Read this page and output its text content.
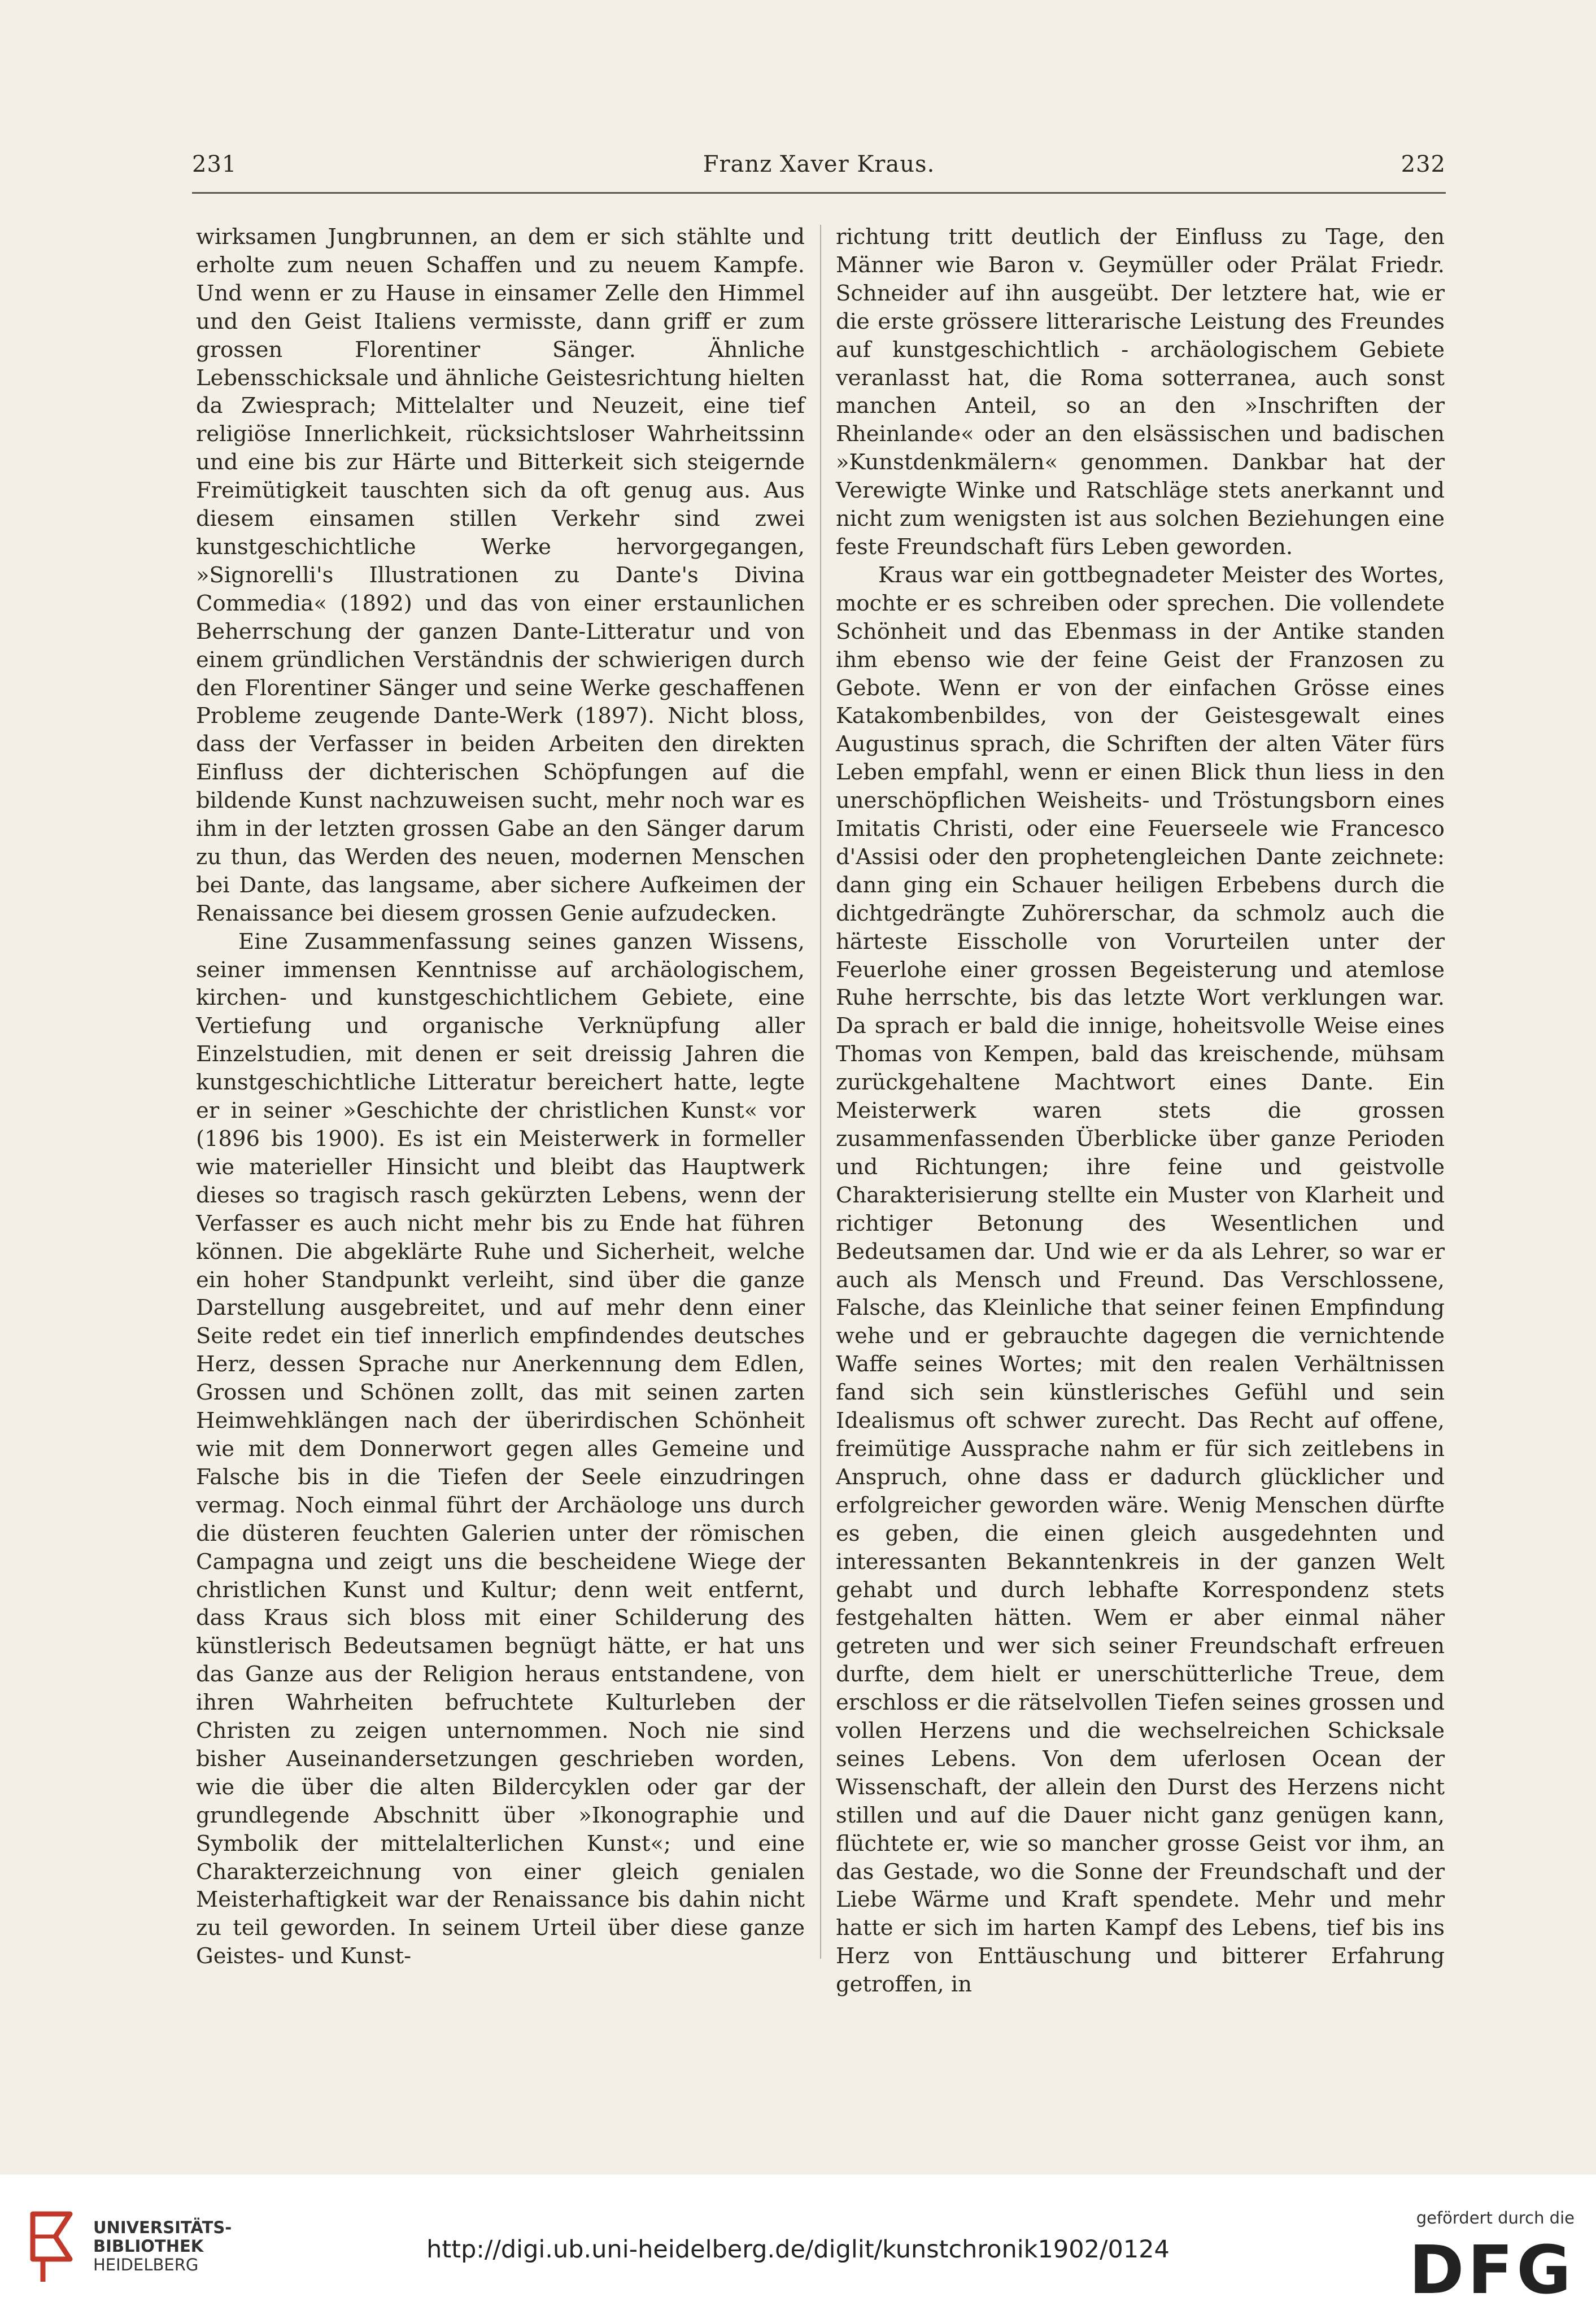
231	Franz Xaver Kraus.	232

wirksamen Jungbrunnen, an dem er sich stählte und erholte zum neuen Schaffen und zu neuem Kampfe. Und wenn er zu Hause in einsamer Zelle den Himmel und den Geist Italiens vermisste, dann griff er zum grossen Florentiner Sänger. Ähnliche Lebensschicksale und ähnliche Geistesrichtung hielten da Zwiesprach; Mittelalter und Neuzeit, eine tief religiöse Innerlichkeit, rücksichtsloser Wahrheitssinn und eine bis zur Härte und Bitterkeit sich steigernde Freimütigkeit tauschten sich da oft genug aus. Aus diesem einsamen stillen Verkehr sind zwei kunstgeschichtliche Werke hervorgegangen, »Signorelli's Illustrationen zu Dante's Divina Commedia« (1892) und das von einer erstaunlichen Beherrschung der ganzen Dante-Litteratur und von einem gründlichen Verständnis der schwierigen durch den Florentiner Sänger und seine Werke geschaffenen Probleme zeugende Dante-Werk (1897). Nicht bloss, dass der Verfasser in beiden Arbeiten den direkten Einfluss der dichterischen Schöpfungen auf die bildende Kunst nachzuweisen sucht, mehr noch war es ihm in der letzten grossen Gabe an den Sänger darum zu thun, das Werden des neuen, modernen Menschen bei Dante, das langsame, aber sichere Aufkeimen der Renaissance bei diesem grossen Genie aufzudecken.

Eine Zusammenfassung seines ganzen Wissens, seiner immensen Kenntnisse auf archäologischem, kirchen- und kunstgeschichtlichem Gebiete, eine Vertiefung und organische Verknüpfung aller Einzelstudien, mit denen er seit dreissig Jahren die kunstgeschichtliche Litteratur bereichert hatte, legte er in seiner »Geschichte der christlichen Kunst« vor (1896 bis 1900). Es ist ein Meisterwerk in formeller wie materieller Hinsicht und bleibt das Hauptwerk dieses so tragisch rasch gekürzten Lebens, wenn der Verfasser es auch nicht mehr bis zu Ende hat führen können. Die abgeklärte Ruhe und Sicherheit, welche ein hoher Standpunkt verleiht, sind über die ganze Darstellung ausgebreitet, und auf mehr denn einer Seite redet ein tief innerlich empfindendes deutsches Herz, dessen Sprache nur Anerkennung dem Edlen, Grossen und Schönen zollt, das mit seinen zarten Heimwehklängen nach der überirdischen Schönheit wie mit dem Donnerwort gegen alles Gemeine und Falsche bis in die Tiefen der Seele einzudringen vermag. Noch einmal führt der Archäologe uns durch die düsteren feuchten Galerien unter der römischen Campagna und zeigt uns die bescheidene Wiege der christlichen Kunst und Kultur; denn weit entfernt, dass Kraus sich bloss mit einer Schilderung des künstlerisch Bedeutsamen begnügt hätte, er hat uns das Ganze aus der Religion heraus entstandene, von ihren Wahrheiten befruchtete Kulturleben der Christen zu zeigen unternommen. Noch nie sind bisher Auseinandersetzungen geschrieben worden, wie die über die alten Bildercyklen oder gar der grundlegende Abschnitt über »Ikonographie und Symbolik der mittelalterlichen Kunst«; und eine Charakterzeichnung von einer gleich genialen Meisterhaftigkeit war der Renaissance bis dahin nicht zu teil geworden. In seinem Urteil über diese ganze Geistes- und Kunst-

richtung tritt deutlich der Einfluss zu Tage, den Männer wie Baron v. Geymüller oder Prälat Friedr. Schneider auf ihn ausgeübt. Der letztere hat, wie er die erste grössere litterarische Leistung des Freundes auf kunstgeschichtlich - archäologischem Gebiete veranlasst hat, die Roma sotterranea, auch sonst manchen Anteil, so an den »Inschriften der Rheinlande« oder an den elsässischen und badischen »Kunstdenkmälern« genommen. Dankbar hat der Verewigte Winke und Ratschläge stets anerkannt und nicht zum wenigsten ist aus solchen Beziehungen eine feste Freundschaft fürs Leben geworden.

Kraus war ein gottbegnadeter Meister des Wortes, mochte er es schreiben oder sprechen. Die vollendete Schönheit und das Ebenmass in der Antike standen ihm ebenso wie der feine Geist der Franzosen zu Gebote. Wenn er von der einfachen Grösse eines Katakombenbildes, von der Geistesgewalt eines Augustinus sprach, die Schriften der alten Väter fürs Leben empfahl, wenn er einen Blick thun liess in den unerschöpflichen Weisheits- und Tröstungsborn eines Imitatis Christi, oder eine Feuerseele wie Francesco d'Assisi oder den prophetengleichen Dante zeichnete: dann ging ein Schauer heiligen Erbebens durch die dichtgedrängte Zuhörerschar, da schmolz auch die härteste Eisscholle von Vorurteilen unter der Feuerlohe einer grossen Begeisterung und atemlose Ruhe herrschte, bis das letzte Wort verklungen war. Da sprach er bald die innige, hoheitsvolle Weise eines Thomas von Kempen, bald das kreischende, mühsam zurückgehaltene Machtwort eines Dante. Ein Meisterwerk waren stets die grossen zusammenfassenden Überblicke über ganze Perioden und Richtungen; ihre feine und geistvolle Charakterisierung stellte ein Muster von Klarheit und richtiger Betonung des Wesentlichen und Bedeutsamen dar. Und wie er da als Lehrer, so war er auch als Mensch und Freund. Das Verschlossene, Falsche, das Kleinliche that seiner feinen Empfindung wehe und er gebrauchte dagegen die vernichtende Waffe seines Wortes; mit den realen Verhältnissen fand sich sein künstlerisches Gefühl und sein Idealismus oft schwer zurecht. Das Recht auf offene, freimütige Aussprache nahm er für sich zeitlebens in Anspruch, ohne dass er dadurch glücklicher und erfolgreicher geworden wäre. Wenig Menschen dürfte es geben, die einen gleich ausgedehnten und interessanten Bekanntenkreis in der ganzen Welt gehabt und durch lebhafte Korrespondenz stets festgehalten hätten. Wem er aber einmal näher getreten und wer sich seiner Freundschaft erfreuen durfte, dem hielt er unerschütterliche Treue, dem erschloss er die rätselvollen Tiefen seines grossen und vollen Herzens und die wechselreichen Schicksale seines Lebens. Von dem uferlosen Ocean der Wissenschaft, der allein den Durst des Herzens nicht stillen und auf die Dauer nicht ganz genügen kann, flüchtete er, wie so mancher grosse Geist vor ihm, an das Gestade, wo die Sonne der Freundschaft und der Liebe Wärme und Kraft spendete. Mehr und mehr hatte er sich im harten Kampf des Lebens, tief bis ins Herz von Enttäuschung und bitterer Erfahrung getroffen, in

UNIVERSITÄTS-
BIBLIOTHEK
HEIDELBERG
http://digi.ub.uni-heidelberg.de/diglit/kunstchronik1902/0124
gefördert durch die
DFG
